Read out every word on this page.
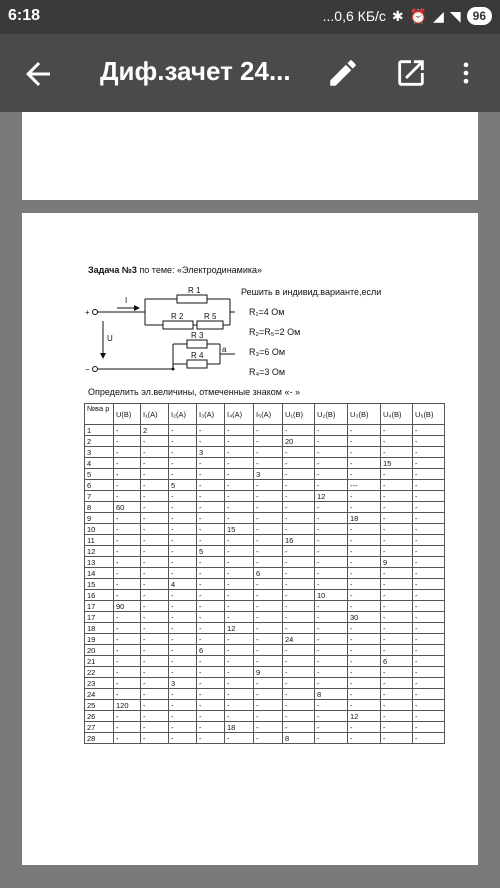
6:18	...0,6 КБ/с ✱ ⏰ ◢ ◥	96
Диф.зачет 24...
Задача №3 по теме: «Электродинамика»
R 1
R 2	R 5
R 3
R 4
a
I
U
+
−
Решить в индивид.варианте,если
R₁=4 Ом
R₂=R₅=2 Ом
R₃=6 Ом
R₄=3 Ом
Определить эл.величины, отмеченные знаком «- »
№ва р	U(B)	I₁(A)	I₂(A)	I₃(A)	I₄(A)	I₅(A)	U₁(B)	U₂(B)	U₃(B)	U₄(B)	U₅(B)
1	-	2	-	-	-	-	-	-	-	-	-
2	-	-	-	-	-	-	20	-	-	-	-
3	-	-	-	3	-	-	-	-	-	-	-
4	-	-	-	-	-	-	-	-	-	15	-
5	-	-	-	-	-	3	-	-	-	-	-
6	-	-	5	-	-	-	-	-	---	-	-
7	-	-	-	-	-	-	-	12	-	-	-
8	60	-	-	-	-	-	-	-	-	-	-
9	-	-	-	-	-	-	-	-	18	-	-
10	-	-	-	-	15	-	-	-	-	-	-
11	-	-	-	-	-	-	16	-	-	-	-
12	-	-	-	5	-	-	-	-	-	-	-
13	-	-	-	-	-	-	-	-	-	9	-
14	-	-	-	-	-	6	-	-	-	-	-
15	-	-	4	-	-	-	-	-	-	-	-
16	-	-	-	-	-	-	-	10	-	-	-
17	90	-	-	-	-	-	-	-	-	-	-
17	-	-	-	-	-	-	-	-	30	-	-
18	-	-	-	-	12	-	-	-	-	-	-
19	-	-	-	-	-	-	24	-	-	-	-
20	-	-	-	6	-	-	-	-	-	-	-
21	-	-	-	-	-	-	-	-	-	6	-
22	-	-	-	-	-	9	-	-	-	-	-
23	-	-	3	-	-	-	-	-	-	-	-
24	-	-	-	-	-	-	-	8	-	-	-
25	120	-	-	-	-	-	-	-	-	-	-
26	-	-	-	-	-	-	-	-	12	-	-
27	-	-	-	-	18	-	-	-	-	-	-
28	-	-	-	-	-	-	8	-	-	-	-
